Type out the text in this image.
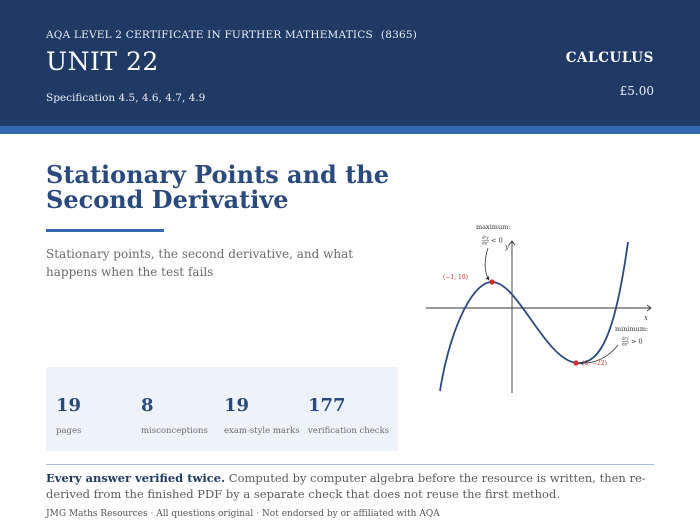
AQA LEVEL 2 CERTIFICATE IN FURTHER MATHEMATICS (8365)
UNIT 22
Specification 4.5, 4.6, 4.7, 4.9
CALCULUS
£5.00
Stationary Points and the Second Derivative
Stationary points, the second derivative, and what happens when the test fails
19
pages
8
misconceptions
19
exam-style marks
177
verification checks
y
x
maximum:
d²y
dx² < 0
minimum:
d²y
dx² > 0
(−1, 10)
(3, −22)
Every answer verified twice. Computed by computer algebra before the resource is written, then re-derived from the finished PDF by a separate check that does not reuse the first method.
JMG Maths Resources · All questions original · Not endorsed by or affiliated with AQA
